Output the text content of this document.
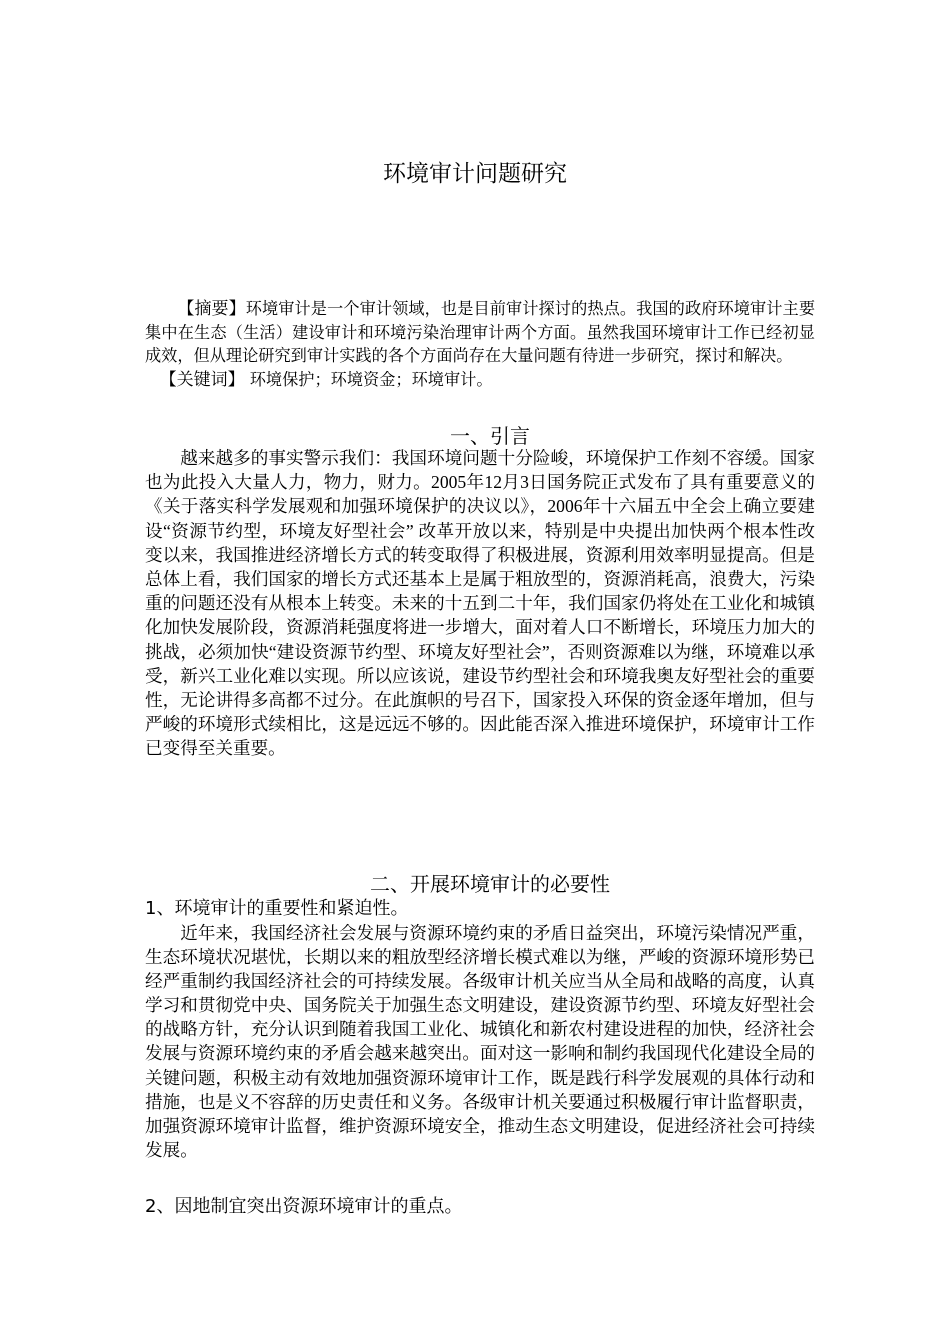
环境审计问题研究

【摘要】环境审计是一个审计领域，也是目前审计探讨的热点。我国的政府环境审计主要集中在生态（生活）建设审计和环境污染治理审计两个方面。虽然我国环境审计工作已经初显成效，但从理论研究到审计实践的各个方面尚存在大量问题有待进一步研究，探讨和解决。

【关键词】 环境保护；环境资金；环境审计。

一、引言

越来越多的事实警示我们：我国环境问题十分险峻，环境保护工作刻不容缓。国家也为此投入大量人力，物力，财力。2005年12月3日国务院正式发布了具有重要意义的《关于落实科学发展观和加强环境保护的决议以》，2006年十六届五中全会上确立要建设“资源节约型，环境友好型社会” 改革开放以来，特别是中央提出加快两个根本性改变以来，我国推进经济增长方式的转变取得了积极进展，资源利用效率明显提高。但是总体上看，我们国家的增长方式还基本上是属于粗放型的，资源消耗高，浪费大，污染重的问题还没有从根本上转变。未来的十五到二十年，我们国家仍将处在工业化和城镇化加快发展阶段，资源消耗强度将进一步增大，面对着人口不断增长，环境压力加大的挑战，必须加快“建设资源节约型、环境友好型社会”，否则资源难以为继，环境难以承受，新兴工业化难以实现。所以应该说，建设节约型社会和环境我奥友好型社会的重要性，无论讲得多高都不过分。在此旗帜的号召下，国家投入环保的资金逐年增加，但与严峻的环境形式续相比，这是远远不够的。因此能否深入推进环境保护，环境审计工作已变得至关重要。

二、开展环境审计的必要性
1、环境审计的重要性和紧迫性。

近年来，我国经济社会发展与资源环境约束的矛盾日益突出，环境污染情况严重，生态环境状况堪忧，长期以来的粗放型经济增长模式难以为继，严峻的资源环境形势已经严重制约我国经济社会的可持续发展。各级审计机关应当从全局和战略的高度，认真学习和贯彻党中央、国务院关于加强生态文明建设，建设资源节约型、环境友好型社会的战略方针，充分认识到随着我国工业化、城镇化和新农村建设进程的加快，经济社会发展与资源环境约束的矛盾会越来越突出。面对这一影响和制约我国现代化建设全局的关键问题，积极主动有效地加强资源环境审计工作，既是践行科学发展观的具体行动和措施，也是义不容辞的历史责任和义务。各级审计机关要通过积极履行审计监督职责，加强资源环境审计监督，维护资源环境安全，推动生态文明建设，促进经济社会可持续发展。

2、因地制宜突出资源环境审计的重点。
